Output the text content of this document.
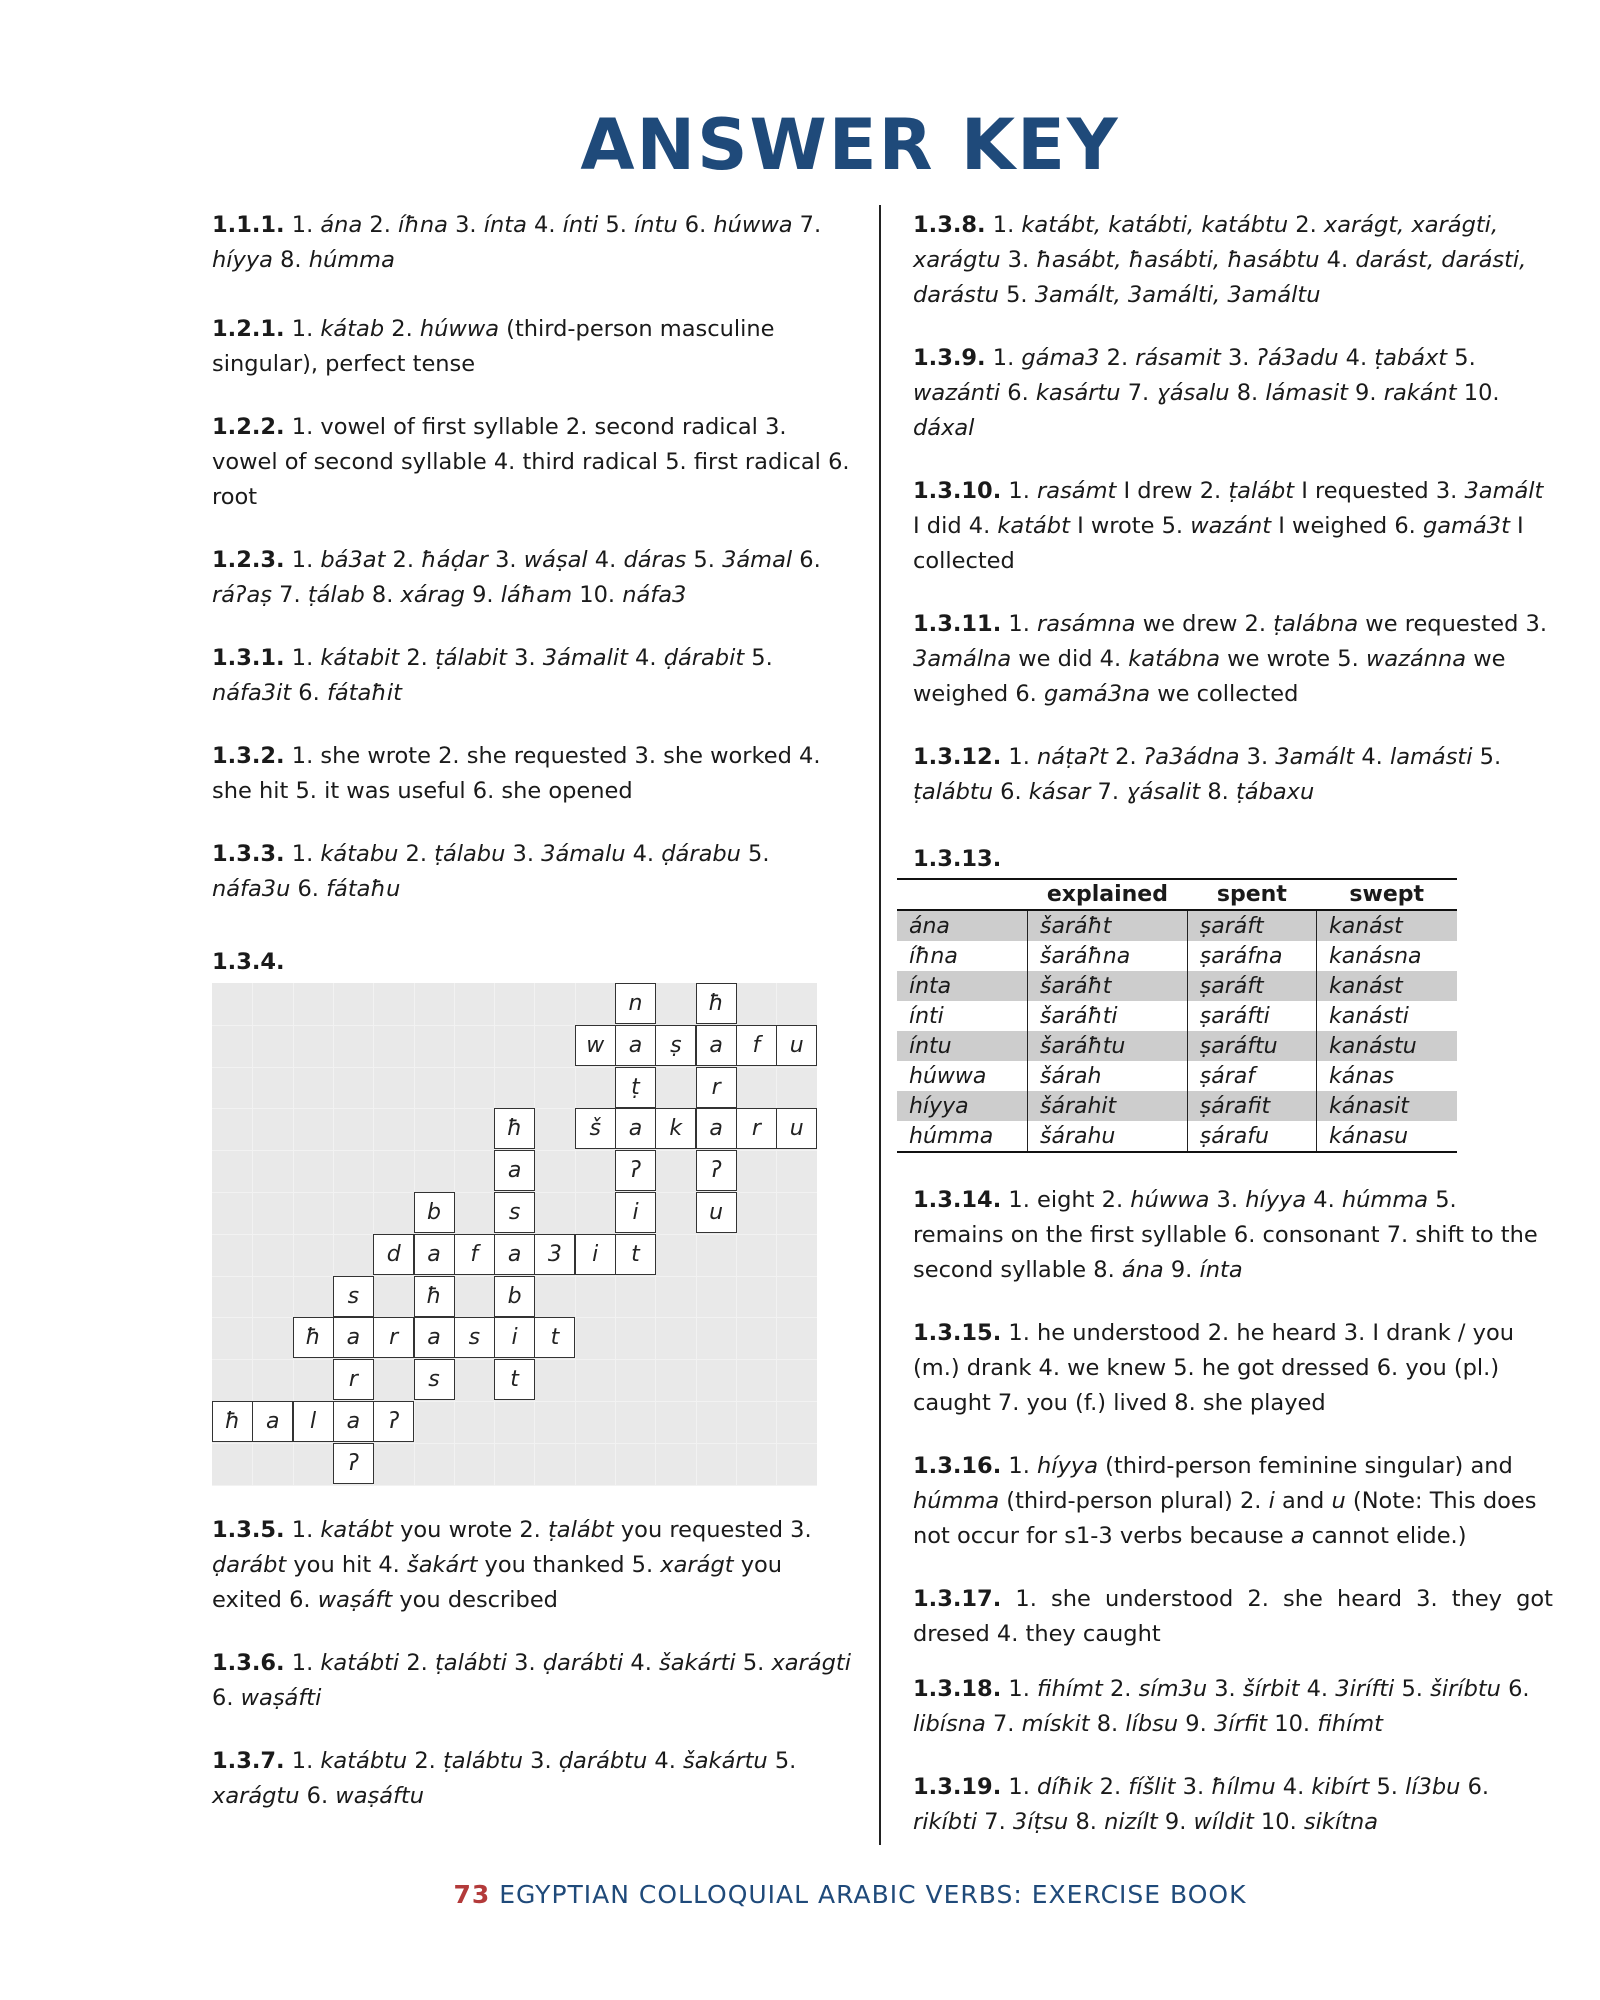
ANSWER KEY

1.1.1. 1. ána 2. íħna 3. ínta 4. ínti 5. íntu 6. húwwa 7. híyya 8. húmma

1.2.1. 1. kátab 2. húwwa (third-person masculine singular), perfect tense

1.2.2. 1. vowel of first syllable 2. second radical 3. vowel of second syllable 4. third radical 5. first radical 6. root

1.2.3. 1. bá3at 2. ħáḍar 3. wáṣal 4. dáras 5. 3ámal 6. ráʔaṣ 7. ṭálab 8. xárag 9. láħam 10. náfa3

1.3.1. 1. kátabit 2. ṭálabit 3. 3ámalit 4. ḍárabit 5. náfa3it 6. fátaħit

1.3.2. 1. she wrote 2. she requested 3. she worked 4. she hit 5. it was useful 6. she opened

1.3.3. 1. kátabu 2. ṭálabu 3. 3ámalu 4. ḍárabu 5. náfa3u 6. fátaħu

1.3.4.

n	ħ
w	a	ṣ	a	f	u
ṭ	r
ħ	š	a	k	a	r	u
a	ʔ	ʔ
b	s	i	u
d	a	f	a	3	i	t
s	ħ	b
ħ	a	r	a	s	i	t
r	s	t
ħ	a	l	a	ʔ
ʔ

1.3.5. 1. katábt you wrote 2. ṭalábt you requested 3. ḍarábt you hit 4. šakárt you thanked 5. xarágt you exited 6. waṣáft you described

1.3.6. 1. katábti 2. ṭalábti 3. ḍarábti 4. šakárti 5. xarágti 6. waṣáfti

1.3.7. 1. katábtu 2. ṭalábtu 3. ḍarábtu 4. šakártu 5. xarágtu 6. waṣáftu

1.3.8. 1. katábt, katábti, katábtu 2. xarágt, xarágti, xarágtu 3. ħasábt, ħasábti, ħasábtu 4. darást, darásti, darástu 5. 3amált, 3amálti, 3amáltu

1.3.9. 1. gáma3 2. rásamit 3. ʔá3adu 4. ṭabáxt 5. wazánti 6. kasártu 7. ɣásalu 8. lámasit 9. rakánt 10. dáxal

1.3.10. 1. rasámt I drew 2. ṭalábt I requested 3. 3amált I did 4. katábt I wrote 5. wazánt I weighed 6. gamá3t I collected

1.3.11. 1. rasámna we drew 2. ṭalábna we requested 3. 3amálna we did 4. katábna we wrote 5. wazánna we weighed 6. gamá3na we collected

1.3.12. 1. náṭaʔt 2. ʔa3ádna 3. 3amált 4. lamásti 5. ṭalábtu 6. kásar 7. ɣásalit 8. ṭábaxu

1.3.13.

	explained	spent	swept
ána	šaráħt	ṣaráft	kanást
íħna	šaráħna	ṣaráfna	kanásna
ínta	šaráħt	ṣaráft	kanást
ínti	šaráħti	ṣaráfti	kanásti
íntu	šaráħtu	ṣaráftu	kanástu
húwwa	šárah	ṣáraf	kánas
híyya	šárahit	ṣárafit	kánasit
húmma	šárahu	ṣárafu	kánasu

1.3.14. 1. eight 2. húwwa 3. híyya 4. húmma 5. remains on the first syllable 6. consonant 7. shift to the second syllable 8. ána 9. ínta

1.3.15. 1. he understood 2. he heard 3. I drank / you (m.) drank 4. we knew 5. he got dressed 6. you (pl.) caught 7. you (f.) lived 8. she played

1.3.16. 1. híyya (third-person feminine singular) and húmma (third-person plural) 2. i and u (Note: This does not occur for s1-3 verbs because a cannot elide.)

1.3.17. 1. she understood 2. she heard 3. they got dresed 4. they caught

1.3.18. 1. fihímt 2. sím3u 3. šírbit 4. 3irífti 5. širíbtu 6. libísna 7. mískit 8. líbsu 9. 3írfit 10. fihímt

1.3.19. 1. díħik 2. fíšlit 3. ħílmu 4. kibírt 5. lí3bu 6. rikíbti 7. 3íṭsu 8. nizílt 9. wíldit 10. sikítna

73 EGYPTIAN COLLOQUIAL ARABIC VERBS: EXERCISE BOOK
